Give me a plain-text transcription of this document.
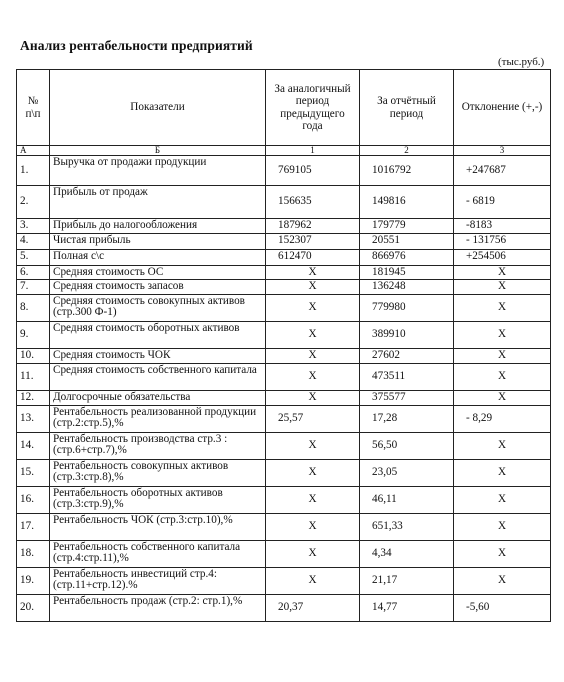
Анализ рентабельности предприятий
(тыс.руб.)
№ п\п	Показатели	За аналогичный период предыдущего года	За отчётный период	Отклонение (+,-)
А	Б	1	2	3
1.	Выручка от продажи продукции	769105	1016792	+247687
2.	Прибыль от продаж	156635	149816	- 6819
3.	Прибыль до налогообложения	187962	179779	-8183
4.	Чистая прибыль	152307	20551	- 131756
5.	Полная с\с	612470	866976	+254506
6.	Средняя стоимость ОС	X	181945	X
7.	Средняя стоимость запасов	X	136248	X
8.	Средняя стоимость совокупных активов (стр.300 Ф-1)	X	779980	X
9.	Средняя стоимость оборотных активов	X	389910	X
10.	Средняя стоимость ЧОК	X	27602	X
11.	Средняя стоимость собственного капитала	X	473511	X
12.	Долгосрочные обязательства	X	375577	X
13.	Рентабельность реализованной продукции (стр.2:стр.5),%	25,57	17,28	- 8,29
14.	Рентабельность производства стр.3 : (стр.6+стр.7),%	X	56,50	X
15.	Рентабельность совокупных активов (стр.3:стр.8),%	X	23,05	X
16.	Рентабельность оборотных активов (стр.3:стр.9),%	X	46,11	X
17.	Рентабельность ЧОК (стр.3:стр.10),%	X	651,33	X
18.	Рентабельность собственного капитала (стр.4:стр.11),%	X	4,34	X
19.	Рентабельность инвестиций стр.4:(стр.11+стр.12).%	X	21,17	X
20.	Рентабельность продаж (стр.2: стр.1),%	20,37	14,77	-5,60
